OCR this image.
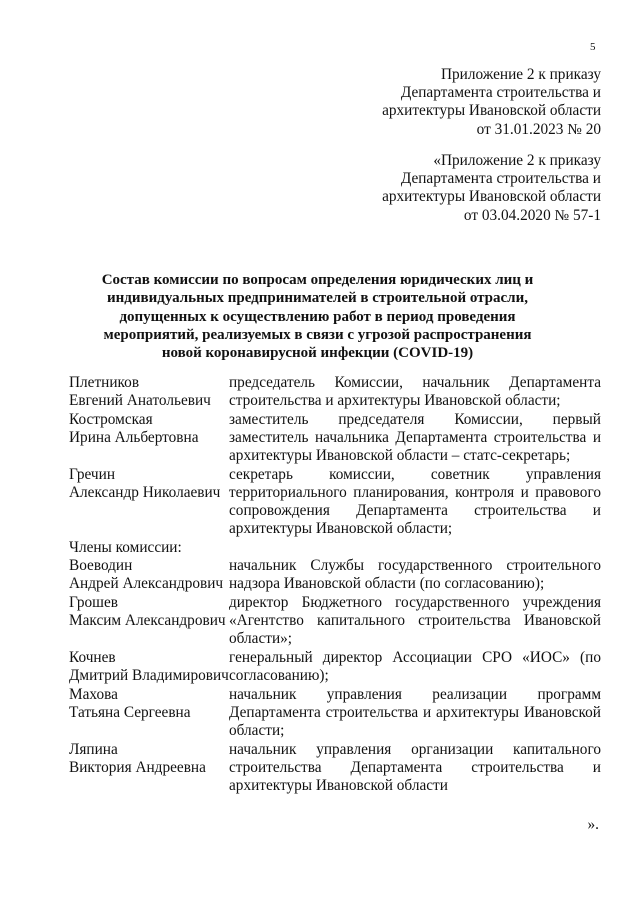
5
Приложение 2 к приказу
Департамента строительства и
архитектуры Ивановской области
от 31.01.2023 № 20
«Приложение 2 к приказу
Департамента строительства и
архитектуры Ивановской области
от 03.04.2020 № 57-1
Состав комиссии по вопросам определения юридических лиц и индивидуальных предпринимателей в строительной отрасли, допущенных к осуществлению работ в период проведения мероприятий, реализуемых в связи с угрозой распространения новой коронавирусной инфекции (COVID-19)
Плетников
Евгений Анатольевич
председатель Комиссии, начальник Департамента строительства и архитектуры Ивановской области;
Костромская
Ирина Альбертовна
заместитель председателя Комиссии, первый заместитель начальника Департамента строительства и архитектуры Ивановской области – статс-секретарь;
Гречин
Александр Николаевич
секретарь комиссии, советник управления территориального планирования, контроля и правового сопровождения Департамента строительства и архитектуры Ивановской области;
Члены комиссии:
Воеводин
Андрей Александрович
начальник Службы государственного строительного надзора Ивановской области (по согласованию);
Грошев
Максим Александрович
директор Бюджетного государственного учреждения «Агентство капитального строительства Ивановской области»;
Кочнев
Дмитрий Владимирович
генеральный директор Ассоциации СРО «ИОС» (по согласованию);
Махова
Татьяна Сергеевна
начальник управления реализации программ Департамента строительства и архитектуры Ивановской области;
Ляпина
Виктория Андреевна
начальник управления организации капитального строительства Департамента строительства и архитектуры Ивановской области
».
